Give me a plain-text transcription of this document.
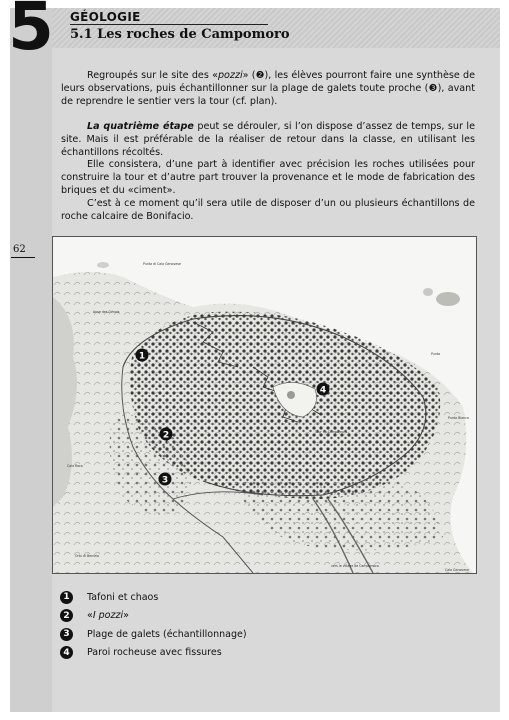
5 GÉOLOGIE
5.1 Les roches de Campomoro

Regroupés sur le site des «pozzi» (❷), les élèves pourront faire une synthèse de leurs observations, puis échantillonner sur la plage de galets toute proche (❸), avant de reprendre le sentier vers la tour (cf. plan).

La quatrième étape peut se dérouler, si l’on dispose d’assez de temps, sur le site. Mais il est préférable de la réaliser de retour dans la classe, en utilisant les échantillons récoltés.

Elle consistera, d’une part à identifier avec précision les roches utilisées pour construire la tour et d’autre part trouver la provenance et le mode de fabrication des briques et du «ciment».

C’est à ce moment qu’il sera utile de disposer d’un ou plusieurs échantillons de roche calcaire de Bonifacio.

62
Punta di Cala Genovese
Anse des Génois
Punta Bianca
Punta
Tour de Campomoro
vers le village de Campomoro
Cala Genovese
Cala Roca
Ortu di Bercelo
1
2
3
4
1	Tafoni et chaos
2	« I pozzi »
3	Plage de galets (échantillonnage)
4	Paroi rocheuse avec fissures
